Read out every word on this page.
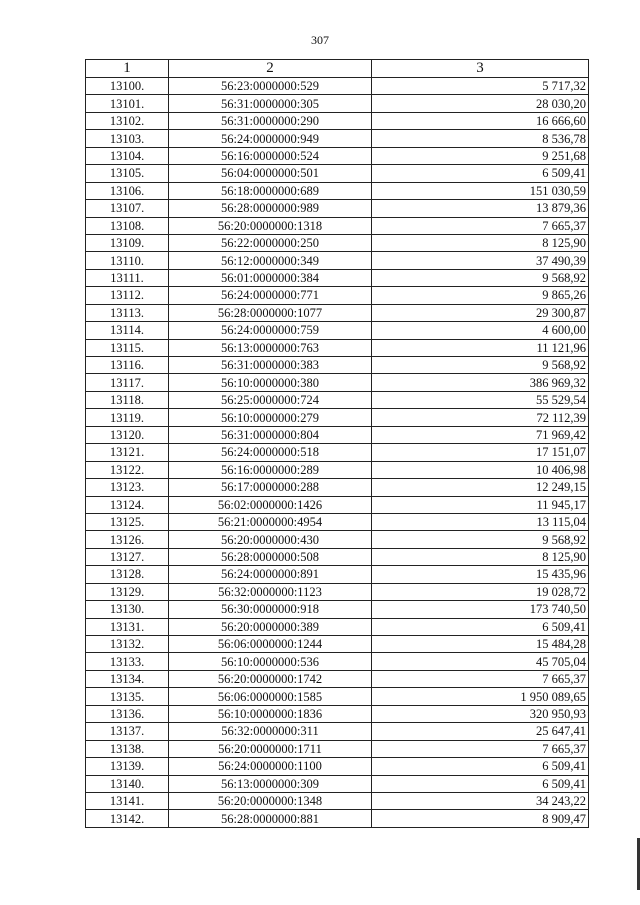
307
1	2	3
13100.	56:23:0000000:529	5 717,32
13101.	56:31:0000000:305	28 030,20
13102.	56:31:0000000:290	16 666,60
13103.	56:24:0000000:949	8 536,78
13104.	56:16:0000000:524	9 251,68
13105.	56:04:0000000:501	6 509,41
13106.	56:18:0000000:689	151 030,59
13107.	56:28:0000000:989	13 879,36
13108.	56:20:0000000:1318	7 665,37
13109.	56:22:0000000:250	8 125,90
13110.	56:12:0000000:349	37 490,39
13111.	56:01:0000000:384	9 568,92
13112.	56:24:0000000:771	9 865,26
13113.	56:28:0000000:1077	29 300,87
13114.	56:24:0000000:759	4 600,00
13115.	56:13:0000000:763	11 121,96
13116.	56:31:0000000:383	9 568,92
13117.	56:10:0000000:380	386 969,32
13118.	56:25:0000000:724	55 529,54
13119.	56:10:0000000:279	72 112,39
13120.	56:31:0000000:804	71 969,42
13121.	56:24:0000000:518	17 151,07
13122.	56:16:0000000:289	10 406,98
13123.	56:17:0000000:288	12 249,15
13124.	56:02:0000000:1426	11 945,17
13125.	56:21:0000000:4954	13 115,04
13126.	56:20:0000000:430	9 568,92
13127.	56:28:0000000:508	8 125,90
13128.	56:24:0000000:891	15 435,96
13129.	56:32:0000000:1123	19 028,72
13130.	56:30:0000000:918	173 740,50
13131.	56:20:0000000:389	6 509,41
13132.	56:06:0000000:1244	15 484,28
13133.	56:10:0000000:536	45 705,04
13134.	56:20:0000000:1742	7 665,37
13135.	56:06:0000000:1585	1 950 089,65
13136.	56:10:0000000:1836	320 950,93
13137.	56:32:0000000:311	25 647,41
13138.	56:20:0000000:1711	7 665,37
13139.	56:24:0000000:1100	6 509,41
13140.	56:13:0000000:309	6 509,41
13141.	56:20:0000000:1348	34 243,22
13142.	56:28:0000000:881	8 909,47
